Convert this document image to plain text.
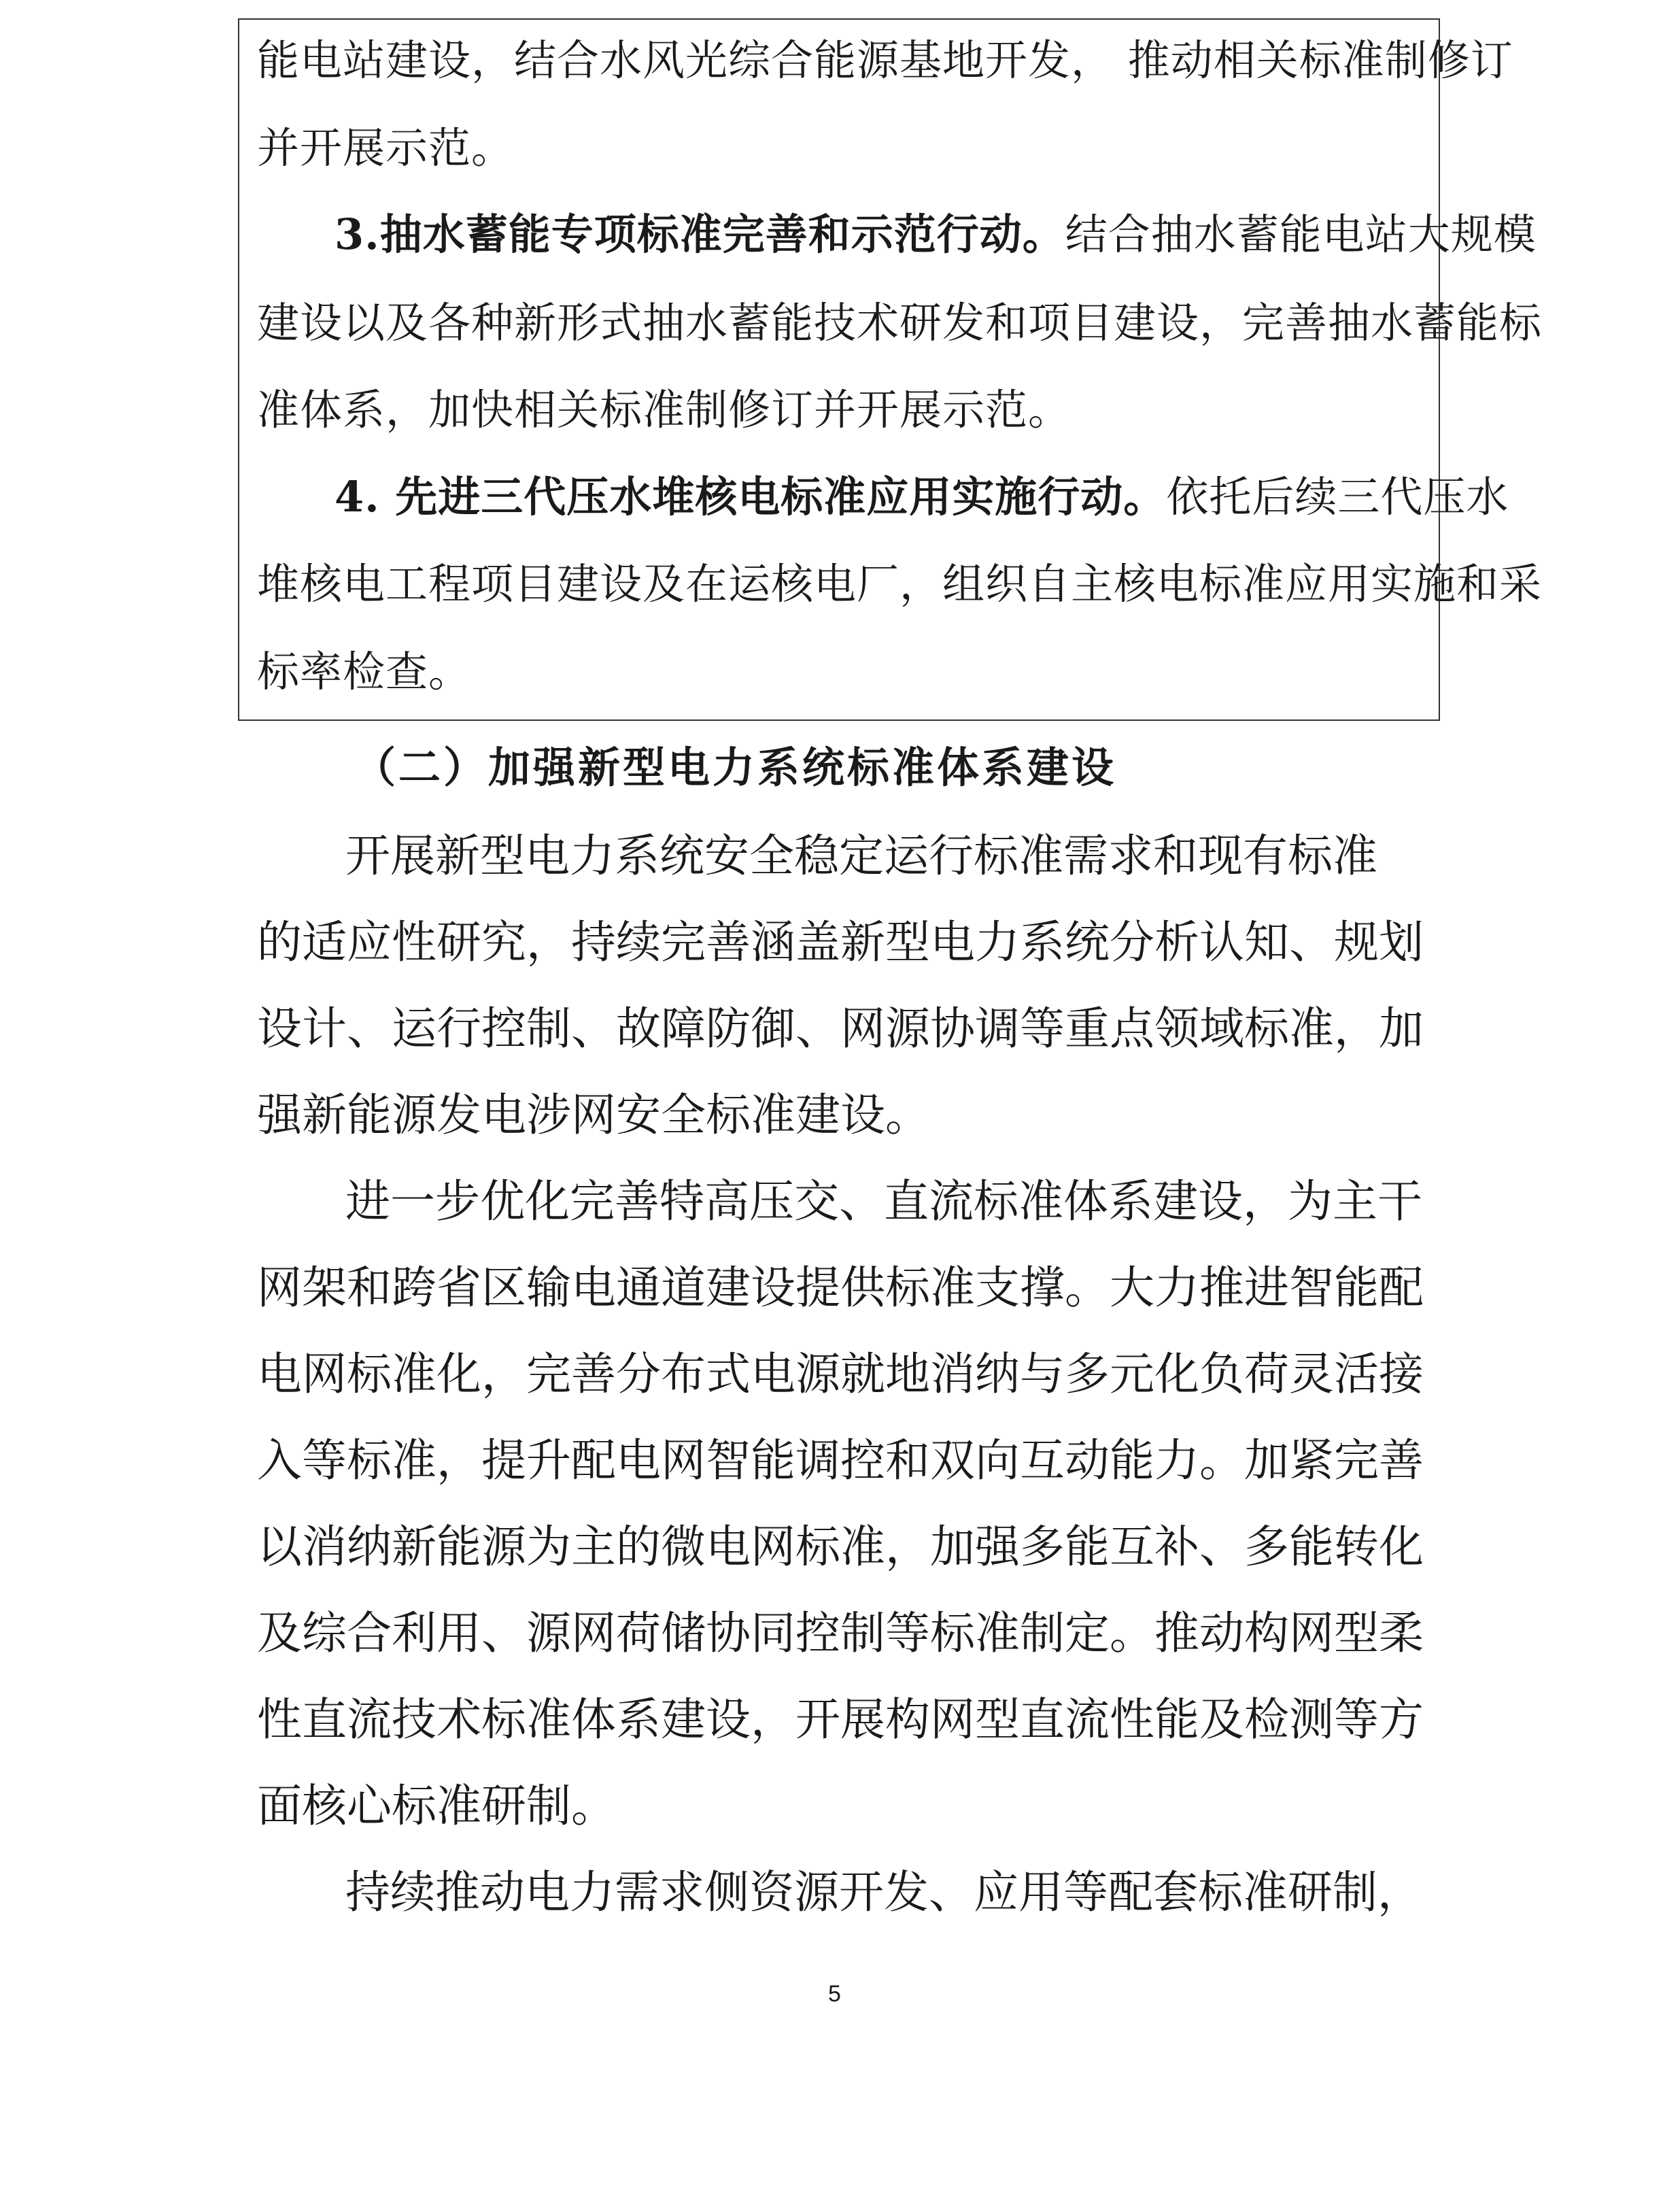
能电站建设，结合水风光综合能源基地开发， 推动相关标准制修订
并开展示范。
3.抽水蓄能专项标准完善和示范行动。结合抽水蓄能电站大规模
建设以及各种新形式抽水蓄能技术研发和项目建设，完善抽水蓄能标
准体系，加快相关标准制修订并开展示范。
4. 先进三代压水堆核电标准应用实施行动。依托后续三代压水
堆核电工程项目建设及在运核电厂，组织自主核电标准应用实施和采
标率检查。
（二）加强新型电力系统标准体系建设
开展新型电力系统安全稳定运行标准需求和现有标准
的适应性研究，持续完善涵盖新型电力系统分析认知、规划
设计、运行控制、故障防御、网源协调等重点领域标准，加
强新能源发电涉网安全标准建设。
进一步优化完善特高压交、直流标准体系建设，为主干
网架和跨省区输电通道建设提供标准支撑。大力推进智能配
电网标准化，完善分布式电源就地消纳与多元化负荷灵活接
入等标准，提升配电网智能调控和双向互动能力。加紧完善
以消纳新能源为主的微电网标准，加强多能互补、多能转化
及综合利用、源网荷储协同控制等标准制定。推动构网型柔
性直流技术标准体系建设，开展构网型直流性能及检测等方
面核心标准研制。
持续推动电力需求侧资源开发、应用等配套标准研制，
5
